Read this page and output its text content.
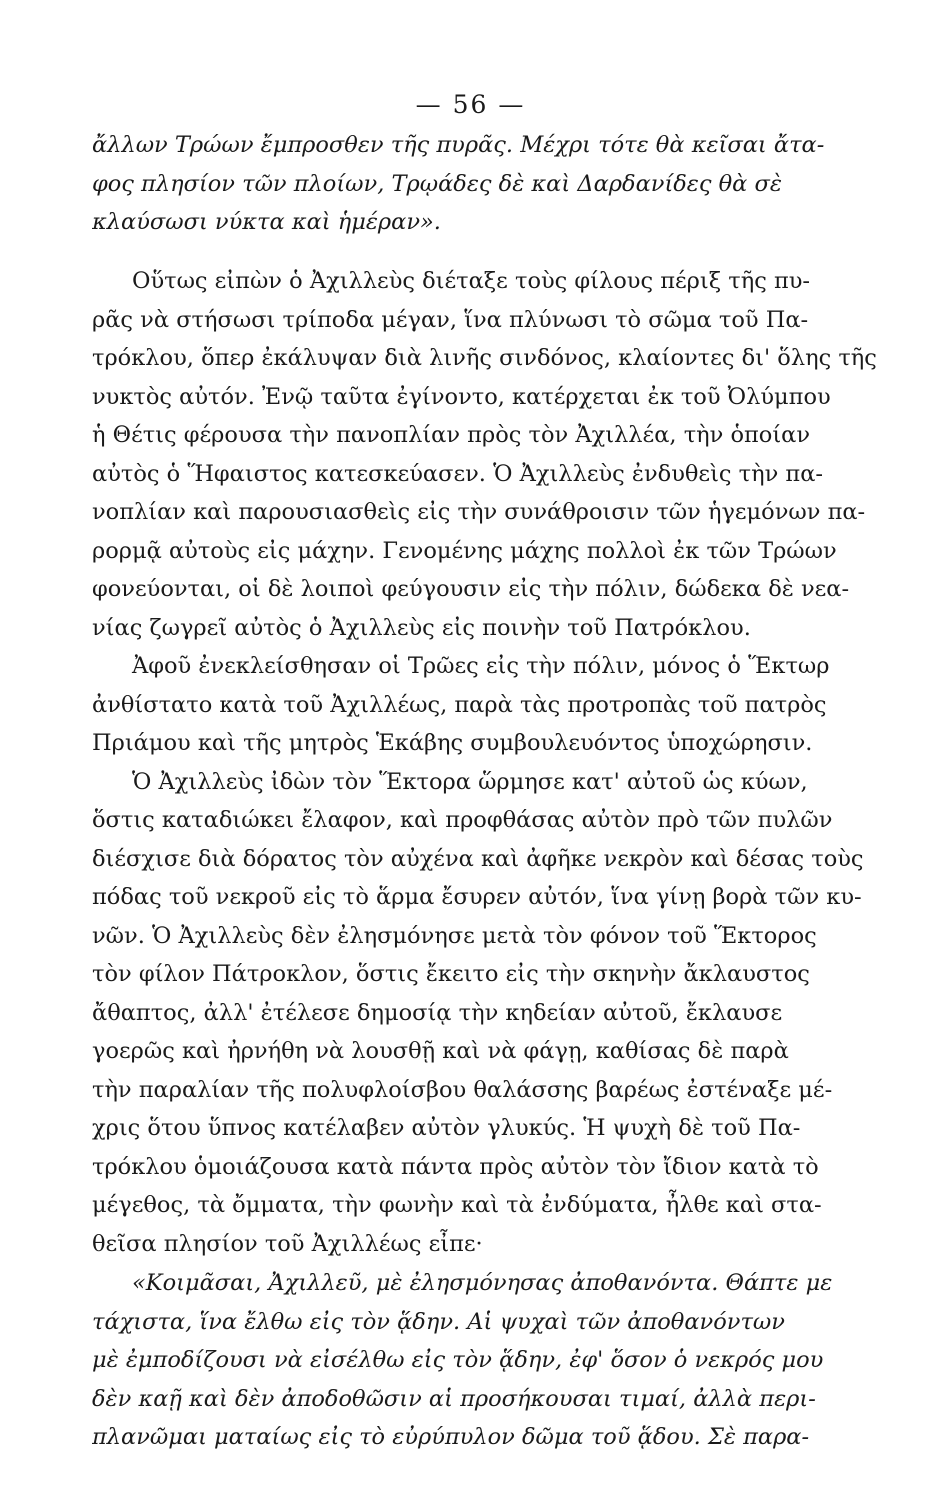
— 56 —
ἄλλων Τρώων ἔμπροσθεν τῆς πυρᾶς. Μέχρι τότε θὰ κεῖσαι ἄτα-
φος πλησίον τῶν πλοίων, Τρῳάδες δὲ καὶ Δαρδανίδες θὰ σὲ
κλαύσωσι νύκτα καὶ ἡμέραν».
Οὕτως εἰπὼν ὁ Ἀχιλλεὺς διέταξε τοὺς φίλους πέριξ τῆς πυ-
ρᾶς νὰ στήσωσι τρίποδα μέγαν, ἵνα πλύνωσι τὸ σῶμα τοῦ Πα-
τρόκλου, ὅπερ ἐκάλυψαν διὰ λινῆς σινδόνος, κλαίοντες δι' ὅλης τῆς
νυκτὸς αὐτόν. Ἐνῷ ταῦτα ἐγίνοντο, κατέρχεται ἐκ τοῦ Ὀλύμπου
ἡ Θέτις φέρουσα τὴν πανοπλίαν πρὸς τὸν Ἀχιλλέα, τὴν ὁποίαν
αὐτὸς ὁ Ἥφαιστος κατεσκεύασεν. Ὁ Ἀχιλλεὺς ἐνδυθεὶς τὴν πα-
νοπλίαν καὶ παρουσιασθεὶς εἰς τὴν συνάθροισιν τῶν ἡγεμόνων πα-
ρορμᾷ αὐτοὺς εἰς μάχην. Γενομένης μάχης πολλοὶ ἐκ τῶν Τρώων
φονεύονται, οἱ δὲ λοιποὶ φεύγουσιν εἰς τὴν πόλιν, δώδεκα δὲ νεα-
νίας ζωγρεῖ αὐτὸς ὁ Ἀχιλλεὺς εἰς ποινὴν τοῦ Πατρόκλου.
Ἀφοῦ ἐνεκλείσθησαν οἱ Τρῶες εἰς τὴν πόλιν, μόνος ὁ Ἕκτωρ
ἀνθίστατο κατὰ τοῦ Ἀχιλλέως, παρὰ τὰς προτροπὰς τοῦ πατρὸς
Πριάμου καὶ τῆς μητρὸς Ἑκάβης συμβουλευόντος ὑποχώρησιν.
Ὁ Ἀχιλλεὺς ἰδὼν τὸν Ἕκτορα ὥρμησε κατ' αὐτοῦ ὡς κύων,
ὅστις καταδιώκει ἔλαφον, καὶ προφθάσας αὐτὸν πρὸ τῶν πυλῶν
διέσχισε διὰ δόρατος τὸν αὐχένα καὶ ἀφῆκε νεκρὸν καὶ δέσας τοὺς
πόδας τοῦ νεκροῦ εἰς τὸ ἅρμα ἔσυρεν αὐτόν, ἵνα γίνῃ βορὰ τῶν κυ-
νῶν. Ὁ Ἀχιλλεὺς δὲν ἐλησμόνησε μετὰ τὸν φόνον τοῦ Ἕκτορος
τὸν φίλον Πάτροκλον, ὅστις ἔκειτο εἰς τὴν σκηνὴν ἄκλαυστος
ἄθαπτος, ἀλλ' ἐτέλεσε δημοσίᾳ τὴν κηδείαν αὐτοῦ, ἔκλαυσε
γοερῶς καὶ ἠρνήθη νὰ λουσθῇ καὶ νὰ φάγῃ, καθίσας δὲ παρὰ
τὴν παραλίαν τῆς πολυφλοίσβου θαλάσσης βαρέως ἐστέναξε μέ-
χρις ὅτου ὕπνος κατέλαβεν αὐτὸν γλυκύς. Ἡ ψυχὴ δὲ τοῦ Πα-
τρόκλου ὁμοιάζουσα κατὰ πάντα πρὸς αὐτὸν τὸν ἴδιον κατὰ τὸ
μέγεθος, τὰ ὄμματα, τὴν φωνὴν καὶ τὰ ἐνδύματα, ἦλθε καὶ στα-
θεῖσα πλησίον τοῦ Ἀχιλλέως εἶπε·
«Κοιμᾶσαι, Ἀχιλλεῦ, μὲ ἐλησμόνησας ἀποθανόντα. Θάπτε με
τάχιστα, ἵνα ἔλθω εἰς τὸν ᾅδην. Αἱ ψυχαὶ τῶν ἀποθανόντων
μὲ ἐμποδίζουσι νὰ εἰσέλθω εἰς τὸν ᾅδην, ἐφ' ὅσον ὁ νεκρός μου
δὲν καῇ καὶ δὲν ἀποδοθῶσιν αἱ προσήκουσαι τιμαί, ἀλλὰ περι-
πλανῶμαι ματαίως εἰς τὸ εὐρύπυλον δῶμα τοῦ ᾅδου. Σὲ παρα-
